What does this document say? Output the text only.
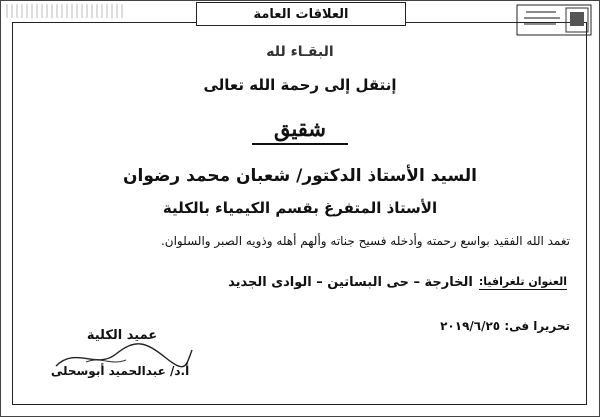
العلاقات العامة
البقـاء لله
إنتقل إلى رحمة الله تعالى
شقيق
السيد الأستاذ الدكتور/ شعبان محمد رضوان
الأستاذ المتفرغ بقسم الكيمياء بالكلية
تغمد الله الفقيد بواسع رحمته وأدخله فسيح جناته وألهم أهله وذويه الصبر والسلوان.
العنوان تلغرافيا:
الخارجة – حى البساتين – الوادى الجديد
تحريرا فى: ٢٠١٩/٦/٢٥
عميد الكلية
أ.د/ عبدالحميد أبوسحلى
